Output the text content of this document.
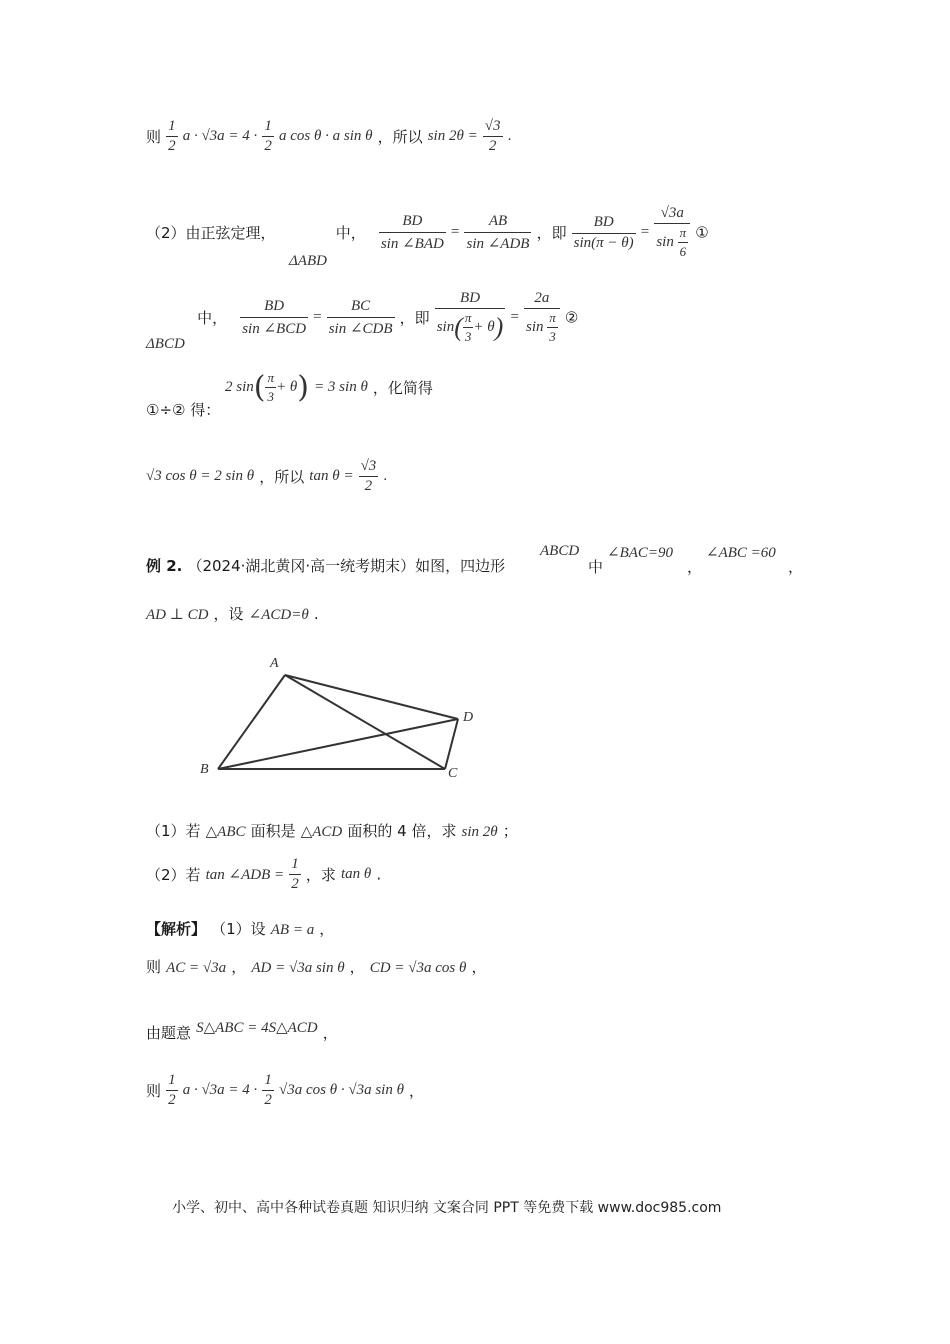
则 $\frac{1}{2}$ $a \cdot √3a = 4 \cdot \frac{1}{2}$ a cos θ · a sin θ ，所以 $\sin 2\theta = \frac{√3}{2}$ .
（2）由正弦定理，	中， $\frac{BD}{\text{sin ∠BAD}} = \frac{AB}{\text{sin ∠ADB}}$ ，即 $\frac{BD}{\sin(\pi - \theta)} = \frac{√3a}{\sin \frac{\pi}{6}}$ ①
ΔABD
中， $\frac{BD}{\text{sin ∠BCD}} = \frac{BC}{\text{sin ∠CDB}}$ ，即 $\frac{BD}{\sin( \frac{\pi}{3} + \theta)} = \frac{2a}{\sin \frac{\pi}{3}}$ ②
ΔBCD
①÷② 得：
2 $\sin( \frac{\pi}{3} + \theta) = 3$ sin θ ，化简得
√3 cos θ = 2 sin θ ，所以 $\tan \theta = \frac{√3}{2}$ .
例 2. （2024·湖北黄冈·高一统考期末）如图，四边形
ABCD
中
∠BAC=90
，
∠ABC =60
，
AD ⊥ CD ，设 ∠ACD=θ .
A
B	C
D
（1）若 △ABC 面积是 △ACD 面积的 4 倍，求 sin 2θ ；
（2）若 tan ∠ADB = $\frac{1}{2}$ ，求 tan θ .
【解析】 （1）设 AB = a ，
则 AC = √3a ， AD = √3a sin θ ， CD = √3a cos θ ，
由题意 S△ABC = 4S△ACD ，
则 $\frac{1}{2}$ $a \cdot √3a = 4 \cdot \frac{1}{2} √3a$ cos θ · √3a sin θ ，
小学、初中、高中各种试卷真题 知识归纳 文案合同 PPT 等免费下载 www.doc985.com
